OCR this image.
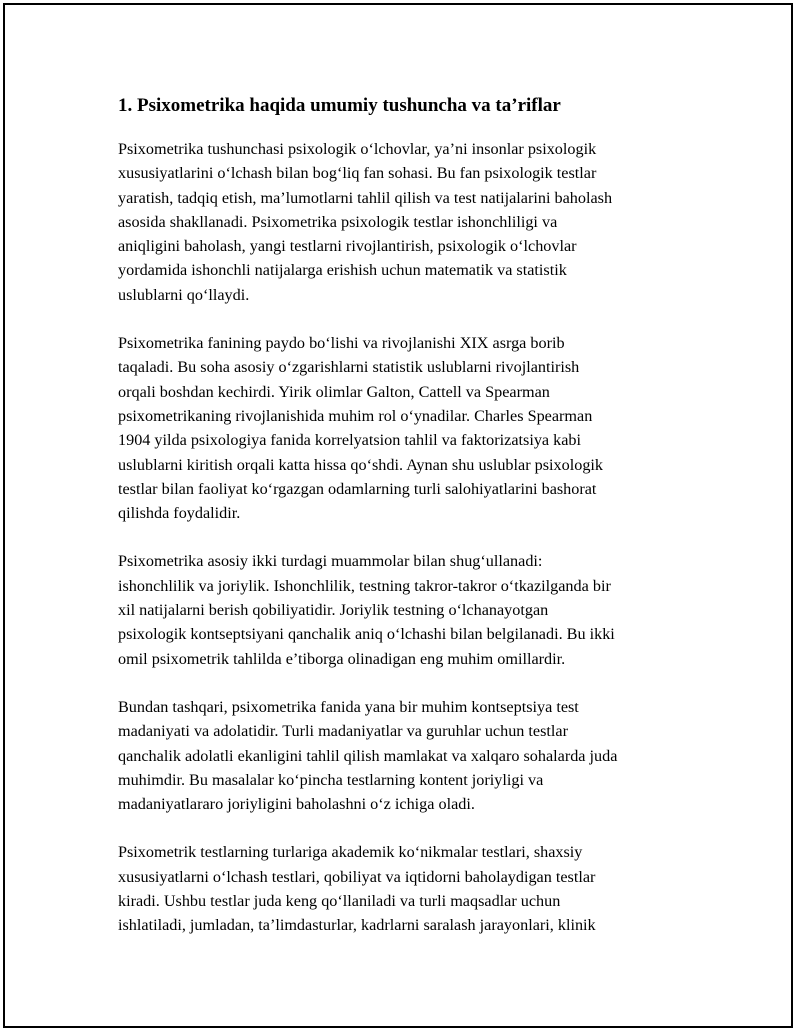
1. Psixometrika haqida umumiy tushuncha va ta’riflar
Psixometrika tushunchasi psixologik oʻlchovlar, ya’ni insonlar psixologik
xususiyatlarini oʻlchash bilan bogʻliq fan sohasi. Bu fan psixologik testlar
yaratish, tadqiq etish, ma’lumotlarni tahlil qilish va test natijalarini baholash
asosida shakllanadi. Psixometrika psixologik testlar ishonchliligi va
aniqligini baholash, yangi testlarni rivojlantirish, psixologik oʻlchovlar
yordamida ishonchli natijalarga erishish uchun matematik va statistik
uslublarni qoʻllaydi.
Psixometrika fanining paydo boʻlishi va rivojlanishi XIX asrga borib
taqaladi. Bu soha asosiy oʻzgarishlarni statistik uslublarni rivojlantirish
orqali boshdan kechirdi. Yirik olimlar Galton, Cattell va Spearman
psixometrikaning rivojlanishida muhim rol oʻynadilar. Charles Spearman
1904 yilda psixologiya fanida korrelyatsion tahlil va faktorizatsiya kabi
uslublarni kiritish orqali katta hissa qoʻshdi. Aynan shu uslublar psixologik
testlar bilan faoliyat koʻrgazgan odamlarning turli salohiyatlarini bashorat
qilishda foydalidir.
Psixometrika asosiy ikki turdagi muammolar bilan shugʻullanadi:
ishonchlilik va joriylik. Ishonchlilik, testning takror-takror oʻtkazilganda bir
xil natijalarni berish qobiliyatidir. Joriylik testning oʻlchanayotgan
psixologik kontseptsiyani qanchalik aniq oʻlchashi bilan belgilanadi. Bu ikki
omil psixometrik tahlilda e’tiborga olinadigan eng muhim omillardir.
Bundan tashqari, psixometrika fanida yana bir muhim kontseptsiya test
madaniyati va adolatidir. Turli madaniyatlar va guruhlar uchun testlar
qanchalik adolatli ekanligini tahlil qilish mamlakat va xalqaro sohalarda juda
muhimdir. Bu masalalar koʻpincha testlarning kontent joriyligi va
madaniyatlararo joriyligini baholashni oʻz ichiga oladi.
Psixometrik testlarning turlariga akademik koʻnikmalar testlari, shaxsiy
xususiyatlarni oʻlchash testlari, qobiliyat va iqtidorni baholaydigan testlar
kiradi. Ushbu testlar juda keng qoʻllaniladi va turli maqsadlar uchun
ishlatiladi, jumladan, ta’limdasturlar, kadrlarni saralash jarayonlari, klinik
